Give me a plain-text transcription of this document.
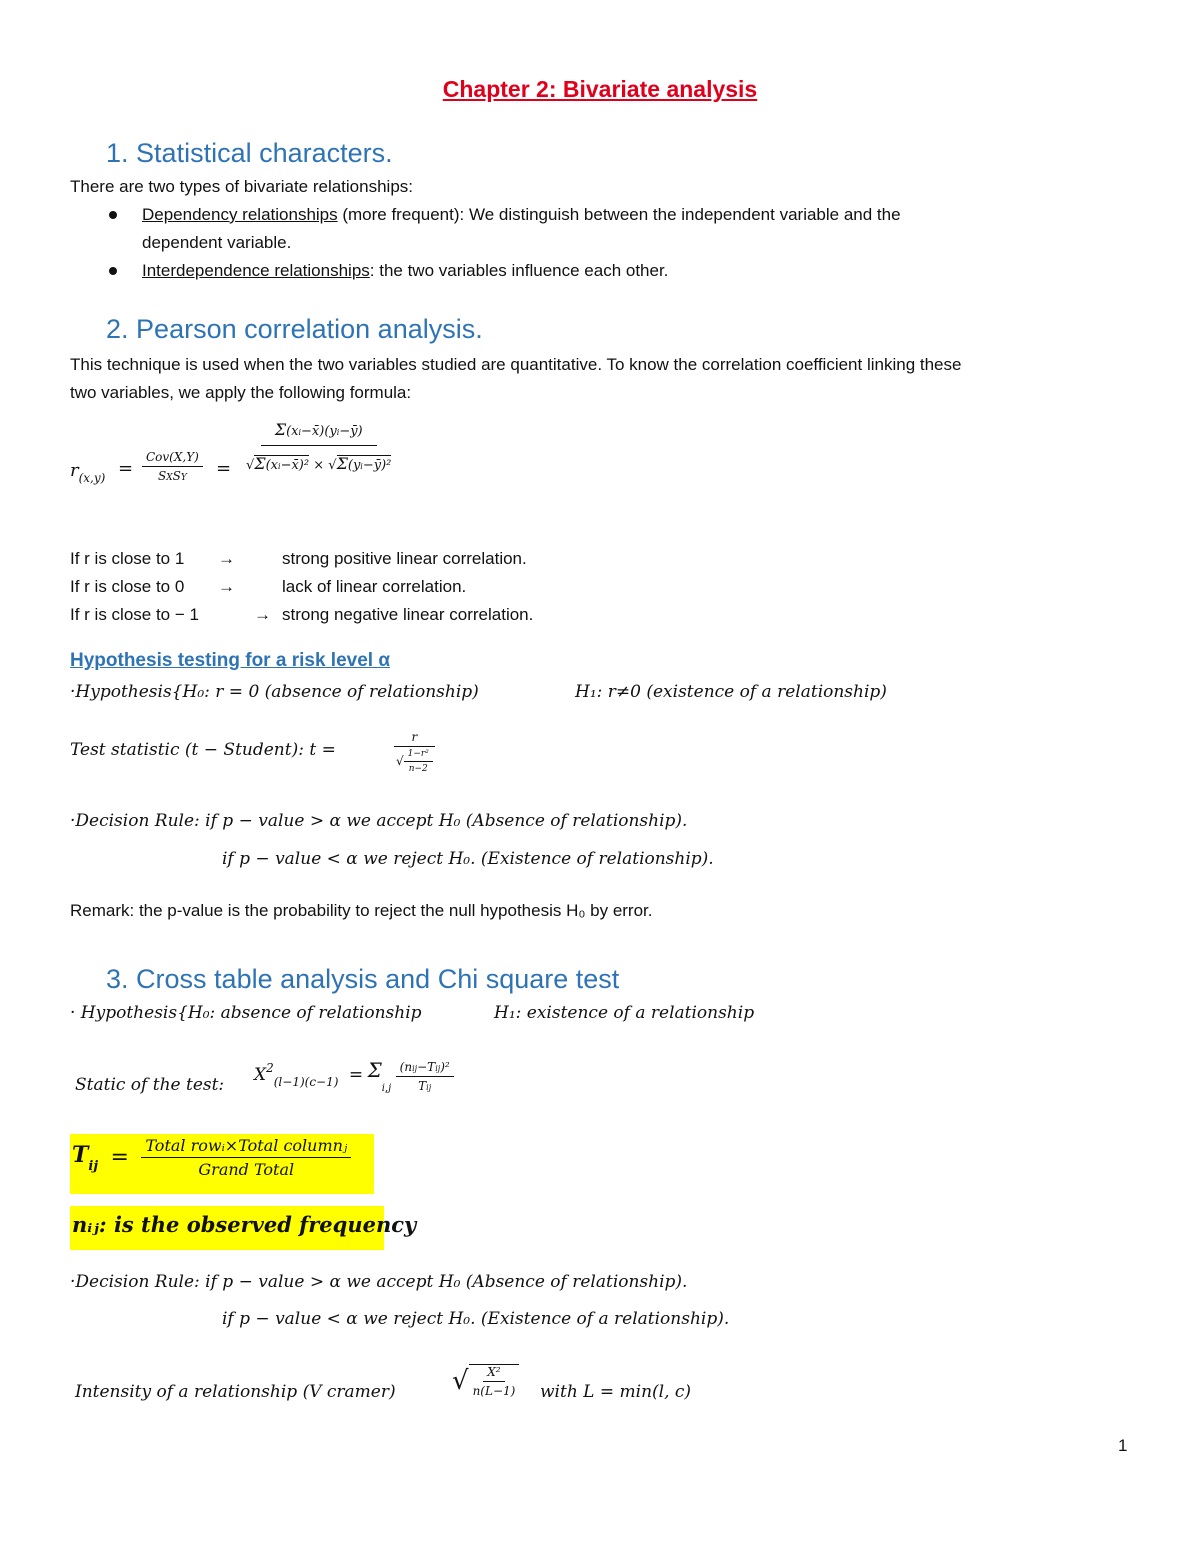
Chapter 2: Bivariate analysis
1. Statistical characters.
There are two types of bivariate relationships:
Dependency relationships (more frequent): We distinguish between the independent variable and the
dependent variable.
Interdependence relationships: the two variables influence each other.
2. Pearson correlation analysis.
This technique is used when the two variables studied are quantitative. To know the correlation coefficient linking these
two variables, we apply the following formula:
$r_{(x,y)} = \frac{\text{Cov(X,Y)}}{\text{SXSY}} = \frac{\Sigma(xi-x̄)(yi-ȳ)}{\text{√Σ(xi−x̄)² × √Σ(yi−ȳ)²}}$
If r is close to 1 →	strong positive linear correlation.
If r is close to 0 →	lack of linear correlation.
If r is close to − 1	→ strong negative linear correlation.
Hypothesis testing for a risk level α
·Hypothesis{H₀: r = 0 (absence of relationship)	H₁: r≠0 (existence of a relationship)
Test statistic (t − Student): t =	$\frac{r}{√ \frac{\text{1−r²}}{n-2}}$
·Decision Rule: if p − value > α we accept H₀ (Absence of relationship).
if p − value < α we reject H₀. (Existence of relationship).
Remark: the p-value is the probability to reject the null hypothesis H₀ by error.
3. Cross table analysis and Chi square test
· Hypothesis{H₀: absence of relationship	H₁: existence of a relationship
Static of the test: $X^2_{(l-1)(c-1)} = \Sigma_{i,j} \frac{\text{(nij−Tij)²}}{\text{Tij}}$
$T_{ij} = \frac{\text{Total rowᵢ×Total columnⱼ}}{\text{Grand Total}}$
nᵢⱼ: is the observed frequency
·Decision Rule: if p − value > α we accept H₀ (Absence of relationship).
if p − value < α we reject H₀. (Existence of a relationship).
Intensity of a relationship (V cramer) √ $\frac{\text{X²}}{n(L-1)}$ with L = min(l, c)
1
